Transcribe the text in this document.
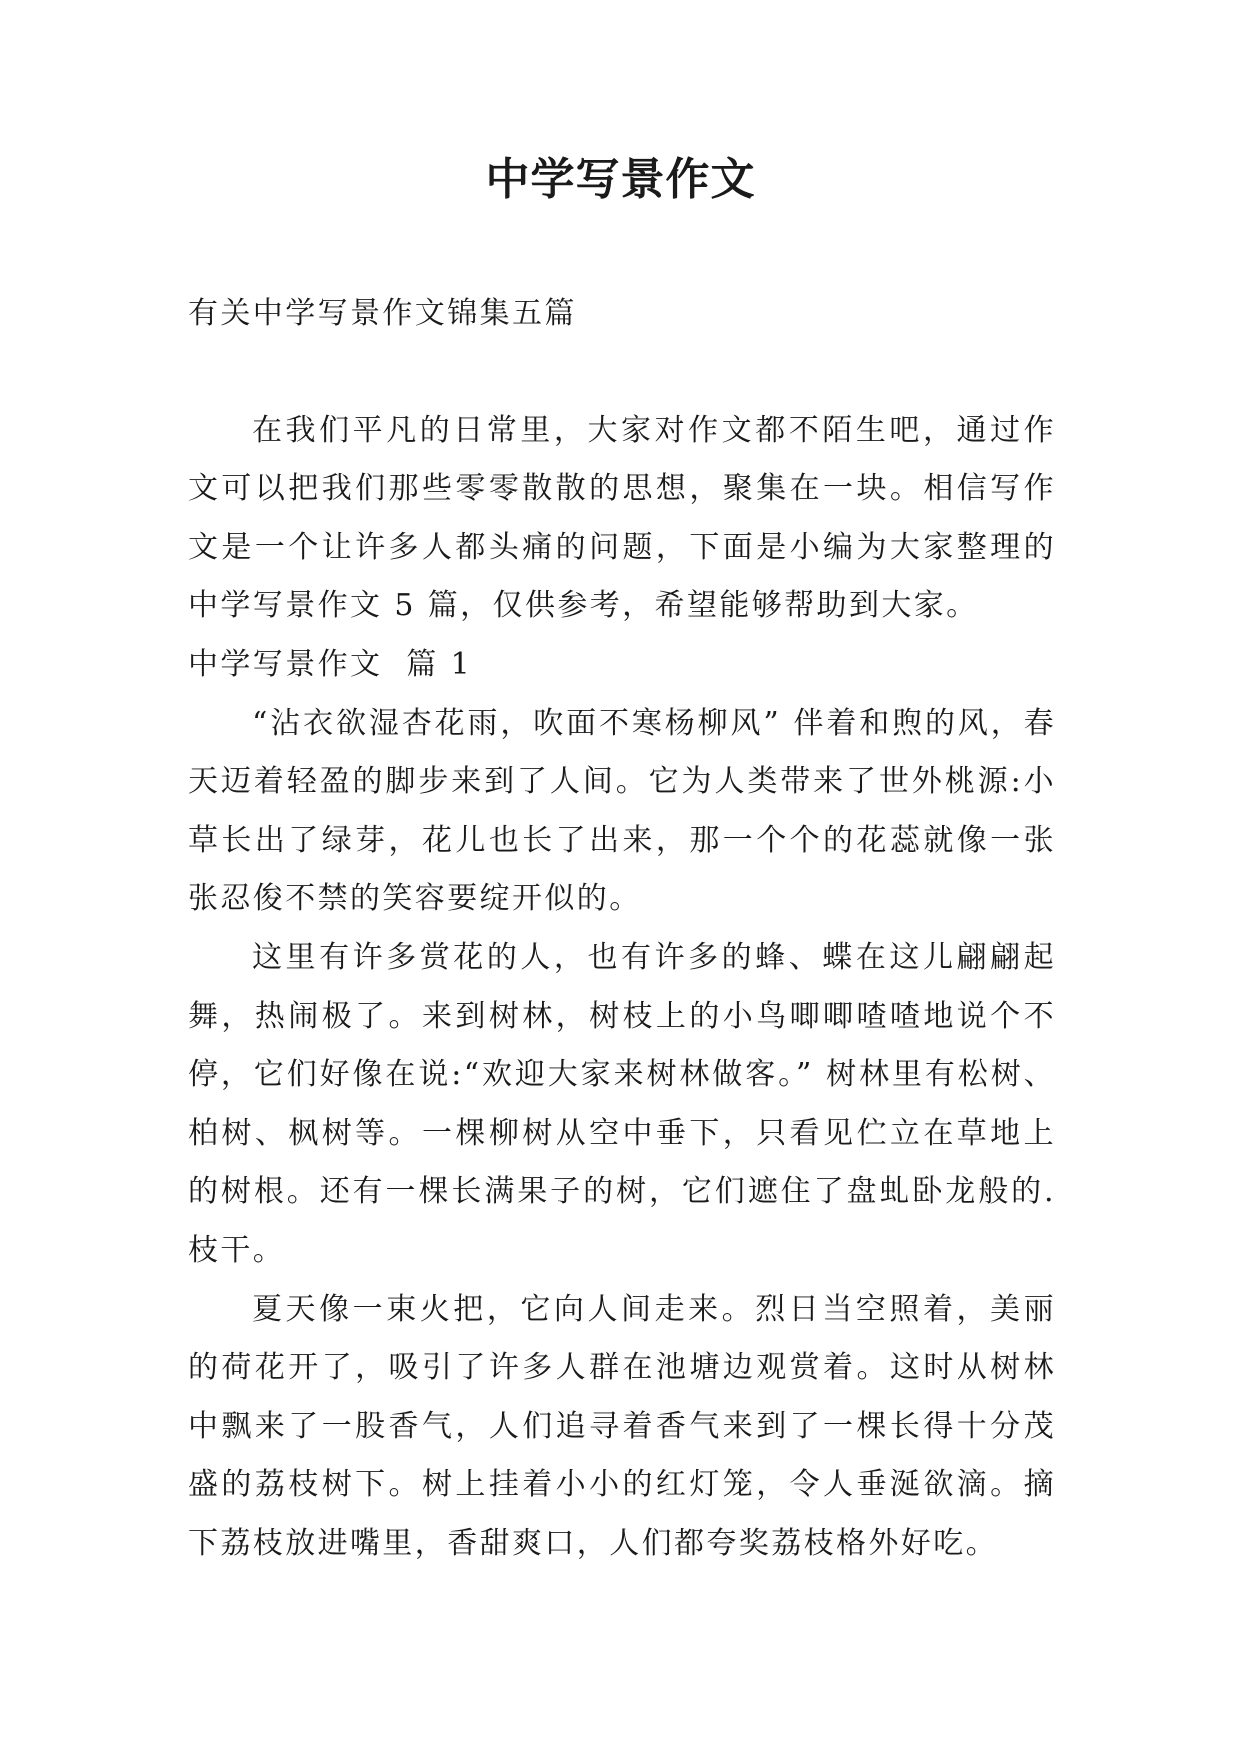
中学写景作文

有关中学写景作文锦集五篇

在我们平凡的日常里，大家对作文都不陌生吧，通过作文可以把我们那些零零散散的思想，聚集在一块。相信写作文是一个让许多人都头痛的问题，下面是小编为大家整理的中学写景作文 5 篇，仅供参考，希望能够帮助到大家。

中学写景作文  篇 1

“沾衣欲湿杏花雨，吹面不寒杨柳风” 伴着和煦的风，春天迈着轻盈的脚步来到了人间。它为人类带来了世外桃源:小草长出了绿芽，花儿也长了出来，那一个个的花蕊就像一张张忍俊不禁的笑容要绽开似的。

这里有许多赏花的人，也有许多的蜂、蝶在这儿翩翩起舞，热闹极了。来到树林，树枝上的小鸟唧唧喳喳地说个不停，它们好像在说:“欢迎大家来树林做客。” 树林里有松树、柏树、枫树等。一棵柳树从空中垂下，只看见伫立在草地上的树根。还有一棵长满果子的树，它们遮住了盘虬卧龙般的.枝干。

夏天像一束火把，它向人间走来。烈日当空照着，美丽的荷花开了，吸引了许多人群在池塘边观赏着。这时从树林中飘来了一股香气，人们追寻着香气来到了一棵长得十分茂盛的荔枝树下。树上挂着小小的红灯笼，令人垂涎欲滴。摘下荔枝放进嘴里，香甜爽口，人们都夸奖荔枝格外好吃。
